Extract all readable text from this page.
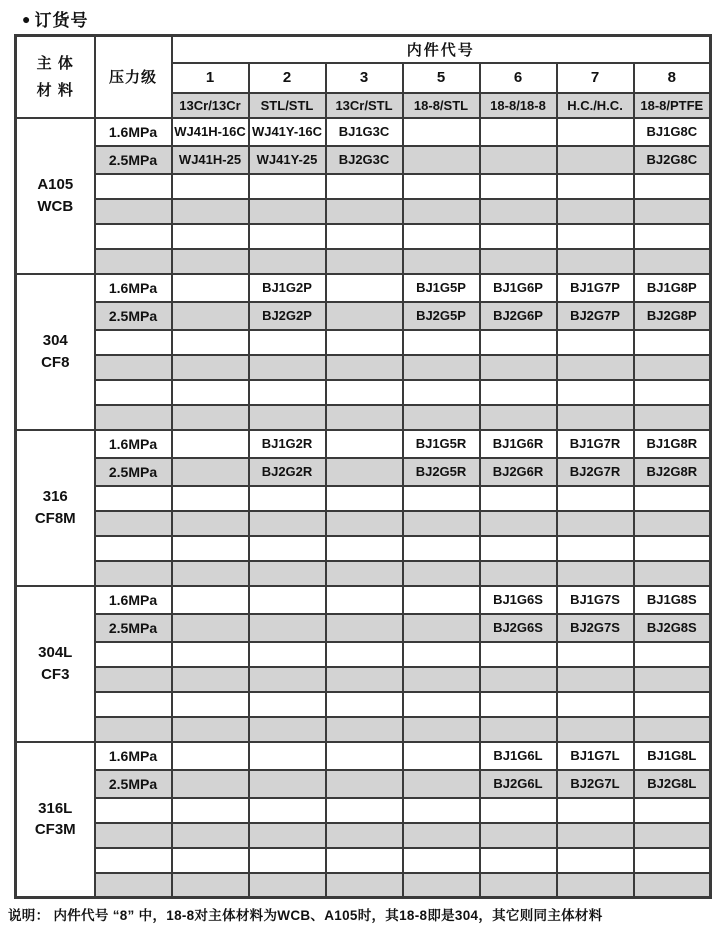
● 订货号
主 体
材 料	压力级	内件代号						
		1	2	3	5	6	7	8
		13Cr/13Cr	STL/STL	13Cr/STL	18-8/STL	18-8/18-8	H.C./H.C.	18-8/PTFE

A105
WCB	1.6MPa	WJ41H-16C	WJ41Y-16C	BJ1G3C				BJ1G8C
	2.5MPa	WJ41H-25	WJ41Y-25	BJ2G3C				BJ2G8C

304
CF8	1.6MPa		BJ1G2P		BJ1G5P	BJ1G6P	BJ1G7P	BJ1G8P
	2.5MPa		BJ2G2P		BJ2G5P	BJ2G6P	BJ2G7P	BJ2G8P

316
CF8M	1.6MPa		BJ1G2R		BJ1G5R	BJ1G6R	BJ1G7R	BJ1G8R
	2.5MPa		BJ2G2R		BJ2G5R	BJ2G6R	BJ2G7R	BJ2G8R

304L
CF3	1.6MPa					BJ1G6S	BJ1G7S	BJ1G8S
	2.5MPa					BJ2G6S	BJ2G7S	BJ2G8S

316L
CF3M	1.6MPa					BJ1G6L	BJ1G7L	BJ1G8L
	2.5MPa					BJ2G6L	BJ2G7L	BJ2G8L

说明： 内件代号 “8” 中，18-8对主体材料为WCB、A105时，其18-8即是304，其它则同主体材料
